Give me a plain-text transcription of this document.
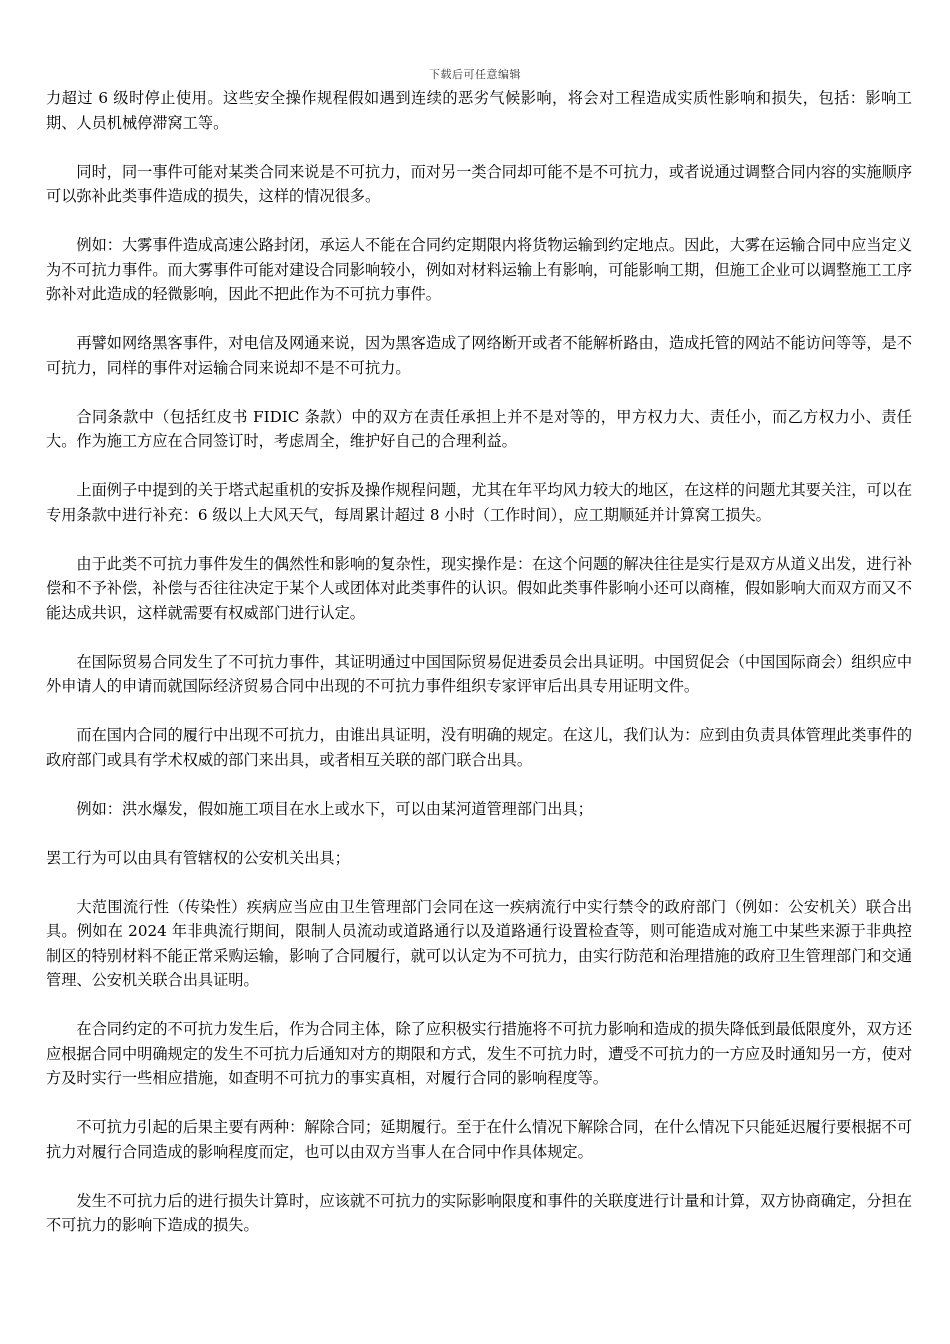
下载后可任意编辑

力超过 6 级时停止使用。这些安全操作规程假如遇到连续的恶劣气候影响，将会对工程造成实质性影响和损失，包括：影响工期、人员机械停滞窝工等。

同时，同一事件可能对某类合同来说是不可抗力，而对另一类合同却可能不是不可抗力，或者说通过调整合同内容的实施顺序可以弥补此类事件造成的损失，这样的情况很多。

例如：大雾事件造成高速公路封闭，承运人不能在合同约定期限内将货物运输到约定地点。因此，大雾在运输合同中应当定义为不可抗力事件。而大雾事件可能对建设合同影响较小，例如对材料运输上有影响，可能影响工期，但施工企业可以调整施工工序弥补对此造成的轻微影响，因此不把此作为不可抗力事件。

再譬如网络黑客事件，对电信及网通来说，因为黑客造成了网络断开或者不能解析路由，造成托管的网站不能访问等等，是不可抗力，同样的事件对运输合同来说却不是不可抗力。

合同条款中（包括红皮书 FIDIC 条款）中的双方在责任承担上并不是对等的，甲方权力大、责任小，而乙方权力小、责任大。作为施工方应在合同签订时，考虑周全，维护好自己的合理利益。

上面例子中提到的关于塔式起重机的安拆及操作规程问题，尤其在年平均风力较大的地区，在这样的问题尤其要关注，可以在专用条款中进行补充：6 级以上大风天气，每周累计超过 8 小时（工作时间），应工期顺延并计算窝工损失。

由于此类不可抗力事件发生的偶然性和影响的复杂性，现实操作是：在这个问题的解决往往是实行是双方从道义出发，进行补偿和不予补偿，补偿与否往往决定于某个人或团体对此类事件的认识。假如此类事件影响小还可以商榷，假如影响大而双方而又不能达成共识，这样就需要有权威部门进行认定。

在国际贸易合同发生了不可抗力事件，其证明通过中国国际贸易促进委员会出具证明。中国贸促会（中国国际商会）组织应中外申请人的申请而就国际经济贸易合同中出现的不可抗力事件组织专家评审后出具专用证明文件。

而在国内合同的履行中出现不可抗力，由谁出具证明，没有明确的规定。在这儿，我们认为：应到由负责具体管理此类事件的政府部门或具有学术权威的部门来出具，或者相互关联的部门联合出具。

例如：洪水爆发，假如施工项目在水上或水下，可以由某河道管理部门出具；

罢工行为可以由具有管辖权的公安机关出具；

大范围流行性（传染性）疾病应当应由卫生管理部门会同在这一疾病流行中实行禁令的政府部门（例如：公安机关）联合出具。例如在 2024 年非典流行期间，限制人员流动或道路通行以及道路通行设置检查等，则可能造成对施工中某些来源于非典控制区的特别材料不能正常采购运输，影响了合同履行，就可以认定为不可抗力，由实行防范和治理措施的政府卫生管理部门和交通管理、公安机关联合出具证明。

在合同约定的不可抗力发生后，作为合同主体，除了应积极实行措施将不可抗力影响和造成的损失降低到最低限度外，双方还应根据合同中明确规定的发生不可抗力后通知对方的期限和方式，发生不可抗力时，遭受不可抗力的一方应及时通知另一方，使对方及时实行一些相应措施，如查明不可抗力的事实真相，对履行合同的影响程度等。

不可抗力引起的后果主要有两种：解除合同；延期履行。至于在什么情况下解除合同，在什么情况下只能延迟履行要根据不可抗力对履行合同造成的影响程度而定，也可以由双方当事人在合同中作具体规定。

发生不可抗力后的进行损失计算时，应该就不可抗力的实际影响限度和事件的关联度进行计量和计算，双方协商确定，分担在不可抗力的影响下造成的损失。
